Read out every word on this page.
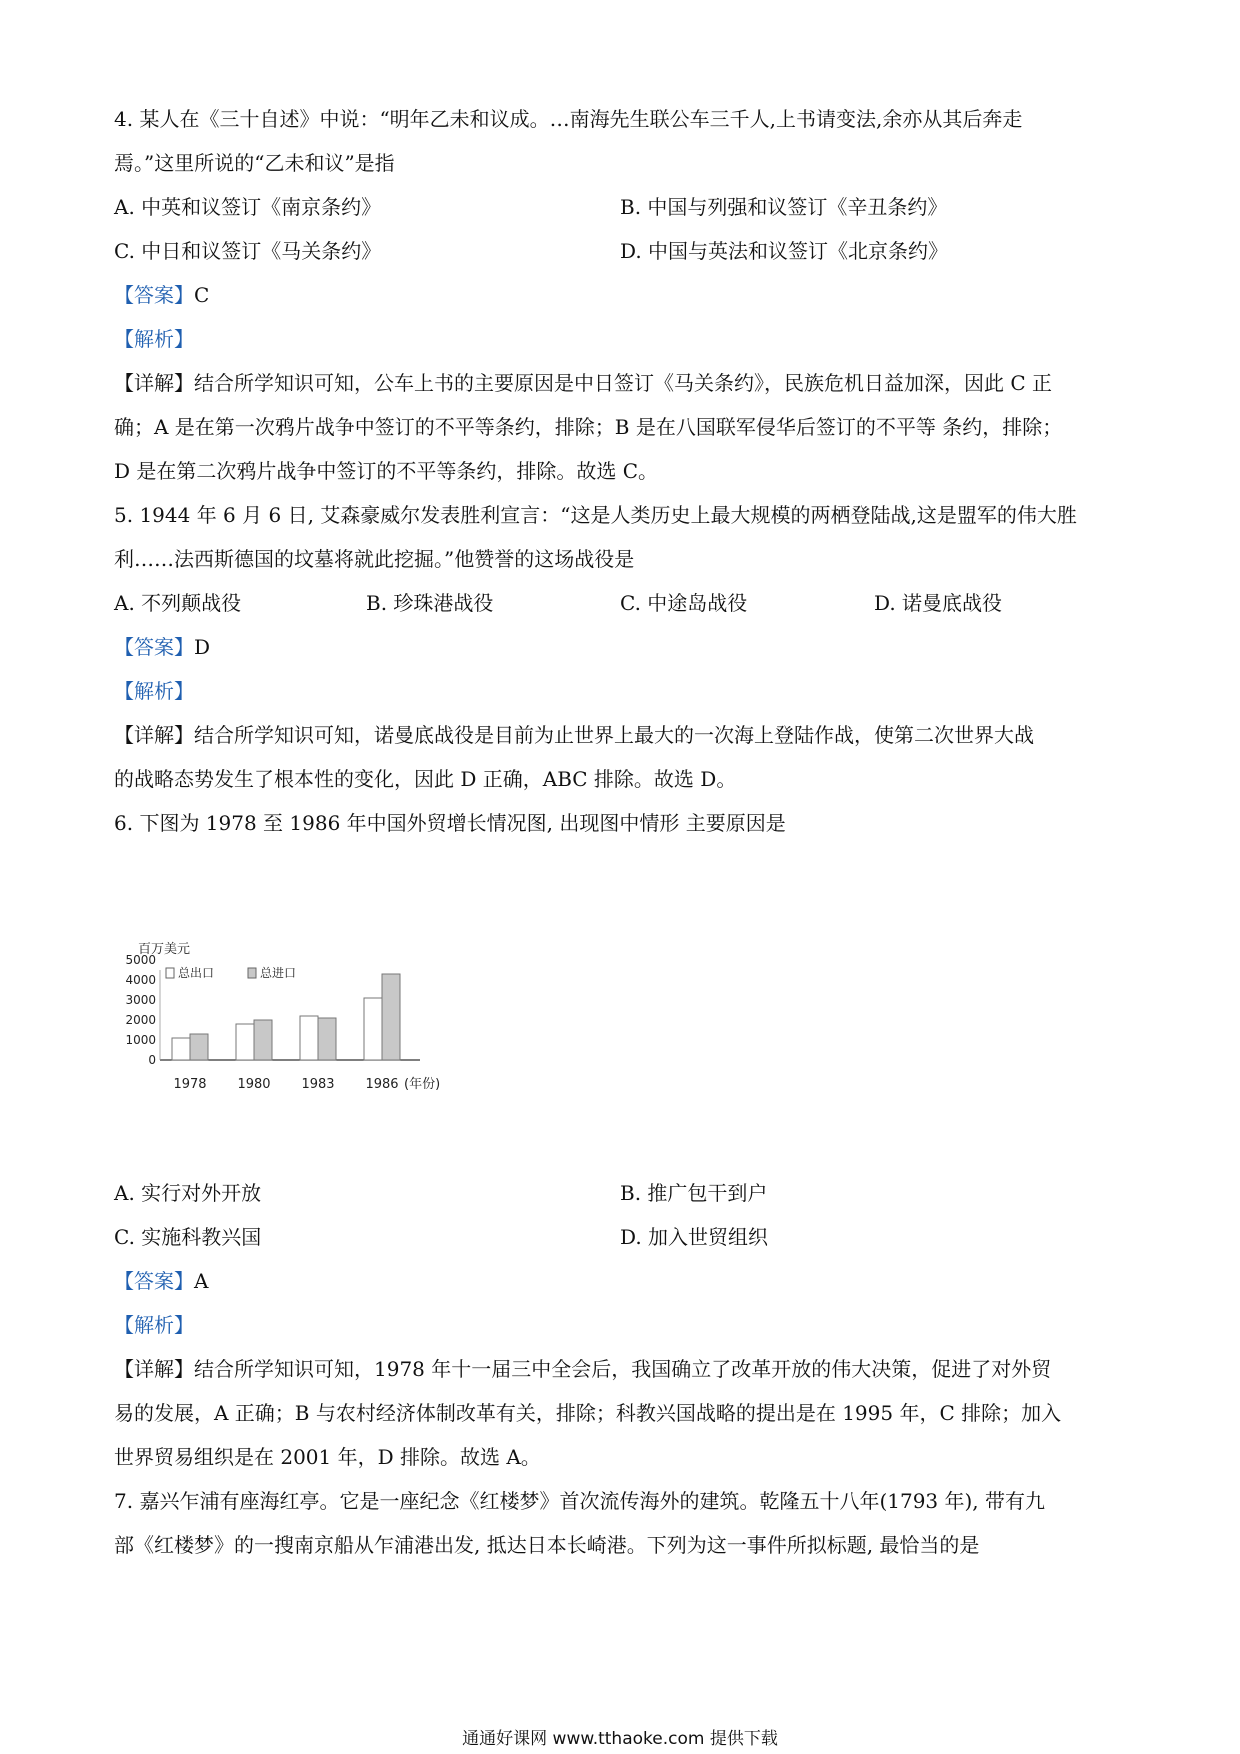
4. 某人在《三十自述》中说：“明年乙未和议成。…南海先生联公车三千人,上书请变法,余亦从其后奔走
焉。”这里所说的“乙未和议”是指
A. 中英和议签订《南京条约》	B. 中国与列强和议签订《辛丑条约》
C. 中日和议签订《马关条约》	D. 中国与英法和议签订《北京条约》
【答案】C
【解析】
【详解】结合所学知识可知，公车上书的主要原因是中日签订《马关条约》，民族危机日益加深，因此 C 正
确；A 是在第一次鸦片战争中签订的不平等条约，排除；B 是在八国联军侵华后签订的不平等 条约，排除；
D 是在第二次鸦片战争中签订的不平等条约，排除。故选 C。
5. 1944 年 6 月 6 日, 艾森豪威尔发表胜利宣言：“这是人类历史上最大规模的两栖登陆战,这是盟军的伟大胜
利……法西斯德国的坟墓将就此挖掘。”他赞誉的这场战役是
A. 不列颠战役	B. 珍珠港战役	C. 中途岛战役	D. 诺曼底战役
【答案】D
【解析】
【详解】结合所学知识可知，诺曼底战役是目前为止世界上最大的一次海上登陆作战，使第二次世界大战
的战略态势发生了根本性的变化，因此 D 正确，ABC 排除。故选 D。
6. 下图为 1978 至 1986 年中国外贸增长情况图, 出现图中情形 主要原因是
百万美元
5000
4000
3000
2000
1000
0
总出口	总进口
1978 1980 1983 1986 (年份)
A. 实行对外开放	B. 推广包干到户
C. 实施科教兴国	D. 加入世贸组织
【答案】A
【解析】
【详解】结合所学知识可知，1978 年十一届三中全会后，我国确立了改革开放的伟大决策，促进了对外贸
易的发展，A 正确；B 与农村经济体制改革有关，排除；科教兴国战略的提出是在 1995 年，C 排除；加入
世界贸易组织是在 2001 年，D 排除。故选 A。
7. 嘉兴乍浦有座海红亭。它是一座纪念《红楼梦》首次流传海外的建筑。乾隆五十八年(1793 年), 带有九
部《红楼梦》的一搜南京船从乍浦港出发, 抵达日本长崎港。下列为这一事件所拟标题, 最恰当的是
通通好课网 www.tthaoke.com 提供下载
